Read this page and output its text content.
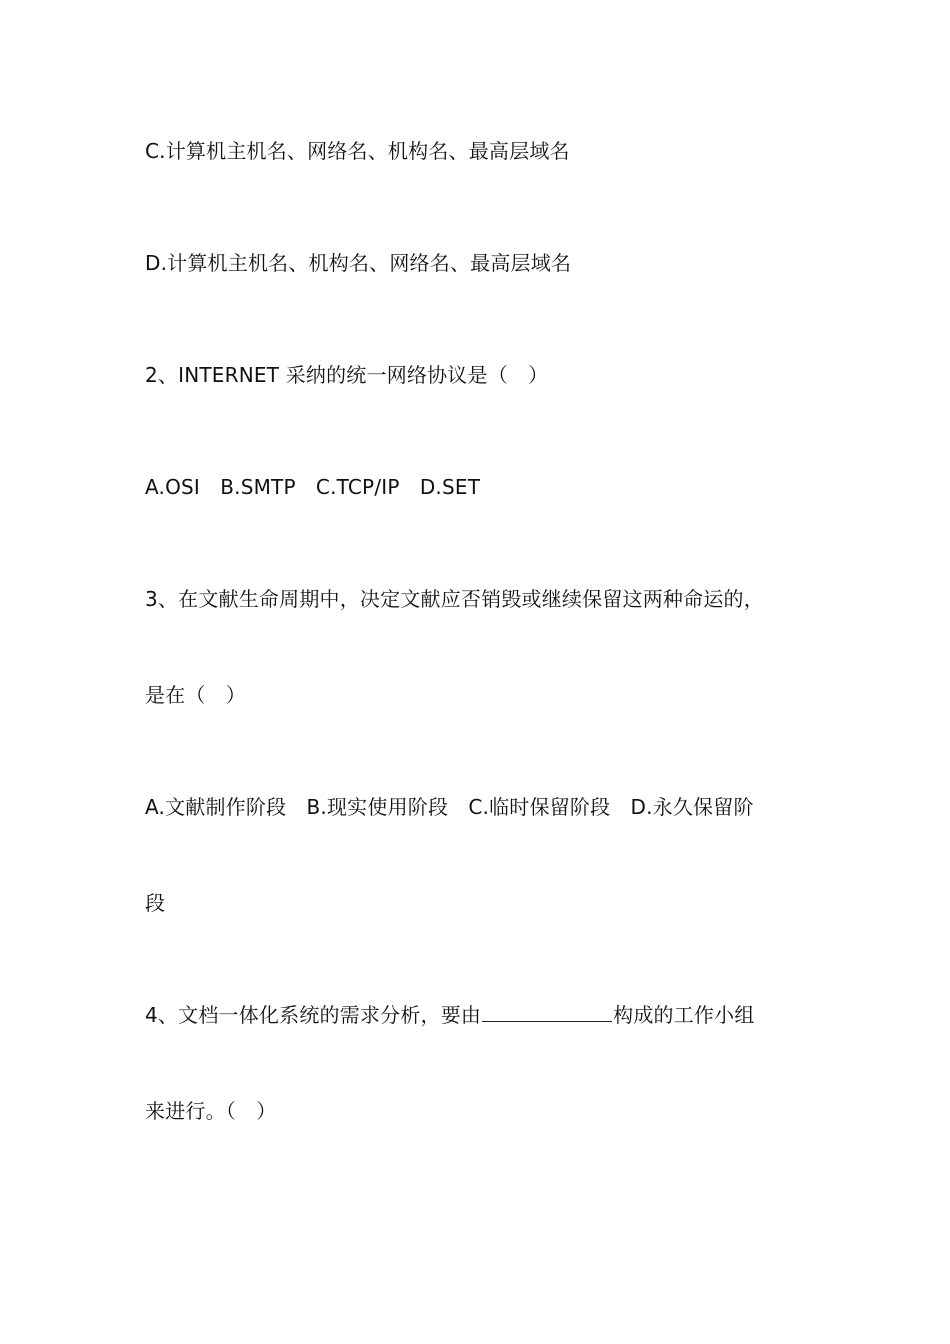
C.计算机主机名、网络名、机构名、最高层域名
D.计算机主机名、机构名、网络名、最高层域名
2、INTERNET 采纳的统一网络协议是（　）
A.OSI　B.SMTP　C.TCP/IP　D.SET
3、在文献生命周期中，决定文献应否销毁或继续保留这两种命运的，
是在（　）
A.文献制作阶段　B.现实使用阶段　C.临时保留阶段　D.永久保留阶
段
4、文档一体化系统的需求分析，要由	构成的工作小组
来进行。（　）
